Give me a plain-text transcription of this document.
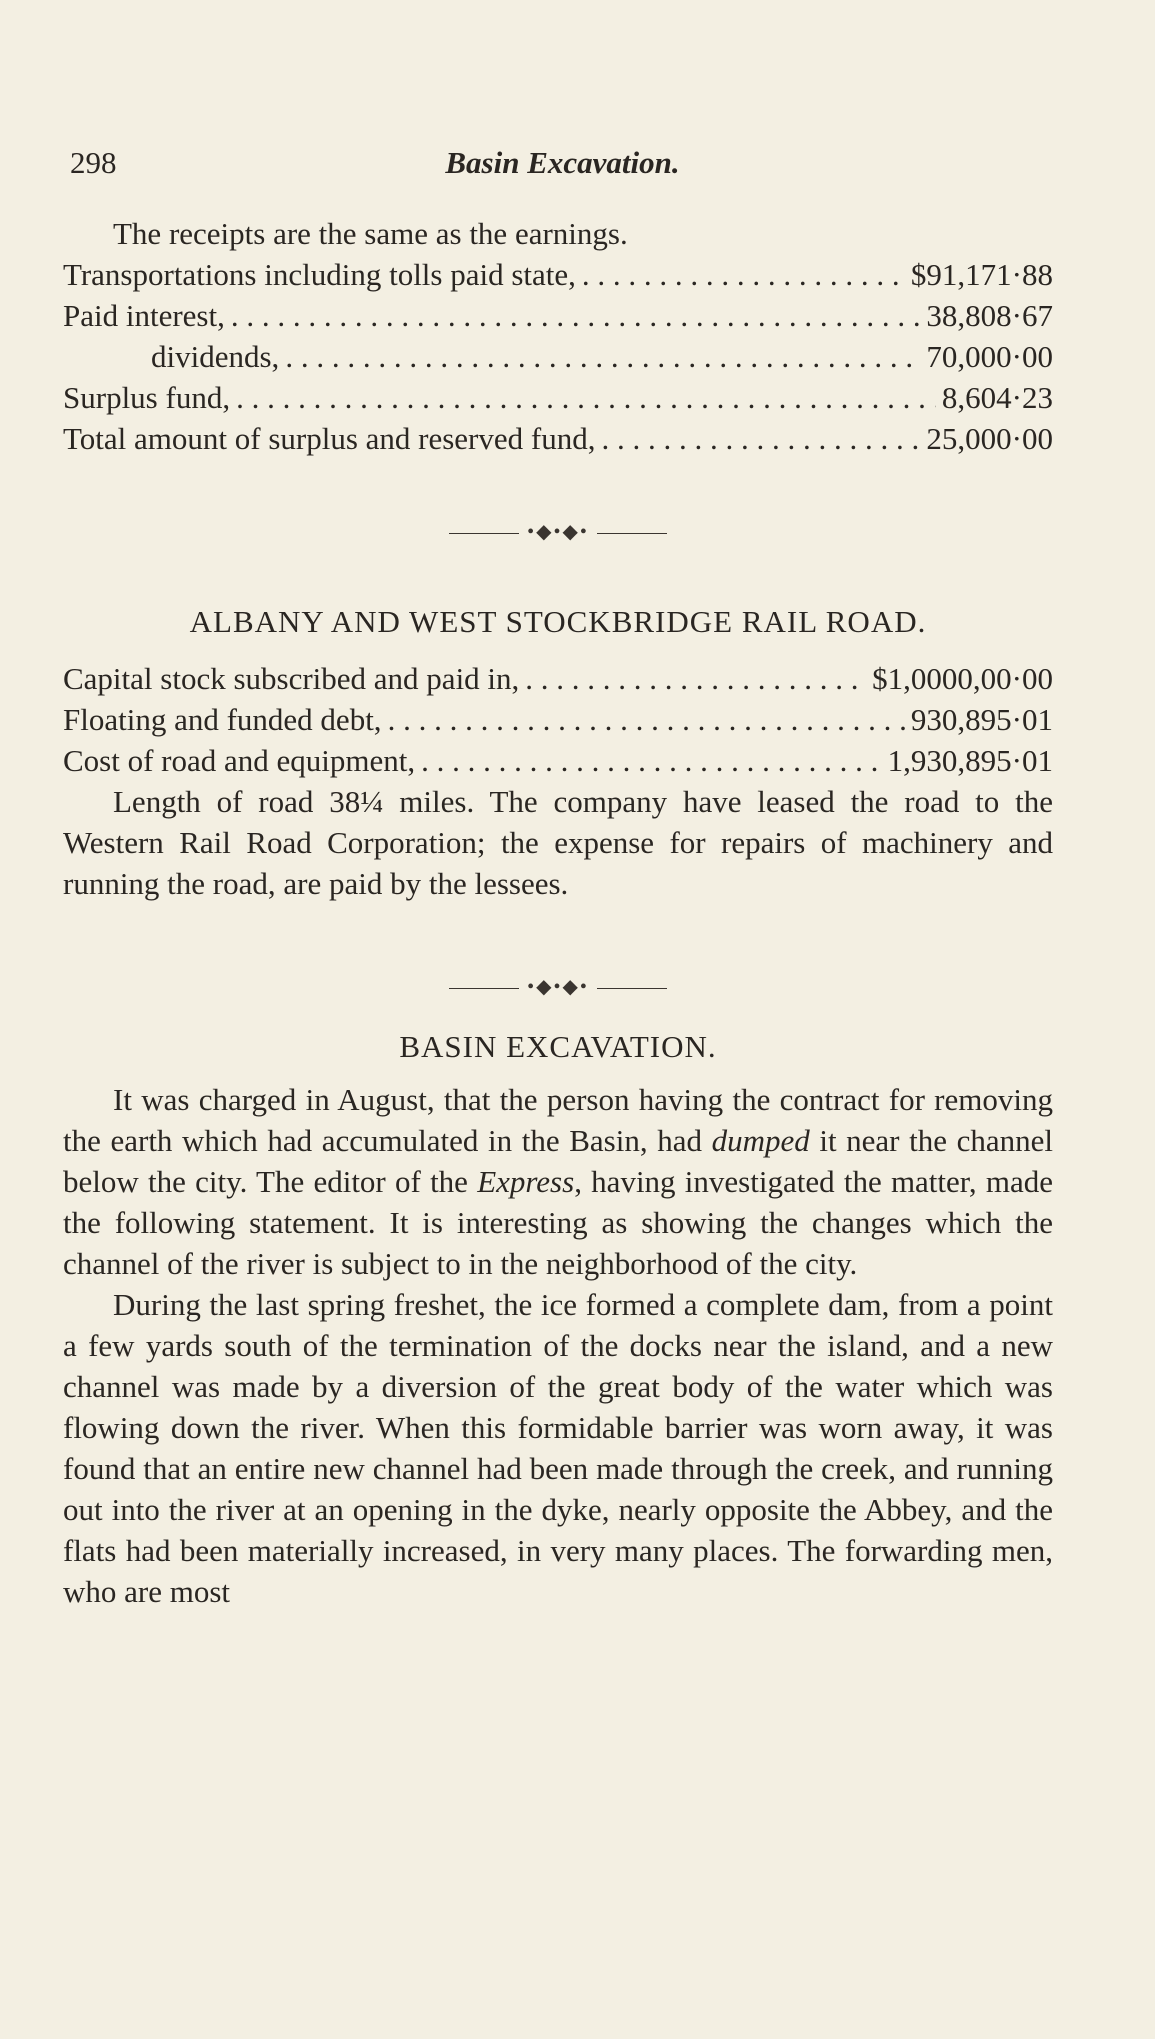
298	Basin Excavation.

The receipts are the same as the earnings.

Transportations including tolls paid state, . . .	$91,171·88
Paid interest, . . .	38,808·67
dividends, . . .	70,000·00
Surplus fund, . . .	8,604·23
Total amount of surplus and reserved fund, . . .	25,000·00
•◆•◆•
ALBANY AND WEST STOCKBRIDGE RAIL ROAD.
Capital stock subscribed and paid in, . . .	$1,0000,00·00
Floating and funded debt, . . .	930,895·01
Cost of road and equipment, . . .	1,930,895·01

Length of road 38¼ miles. The company have leased the road to the Western Rail Road Corporation; the expense for repairs of machinery and running the road, are paid by the lessees.

•◆•◆•
BASIN EXCAVATION.

It was charged in August, that the person having the contract for removing the earth which had accumulated in the Basin, had dumped it near the channel below the city. The editor of the Express, having investigated the matter, made the following statement. It is interesting as showing the changes which the channel of the river is subject to in the neighborhood of the city.

During the last spring freshet, the ice formed a complete dam, from a point a few yards south of the termination of the docks near the island, and a new channel was made by a diversion of the great body of the water which was flowing down the river. When this formidable barrier was worn away, it was found that an entire new channel had been made through the creek, and running out into the river at an opening in the dyke, nearly opposite the Abbey, and the flats had been materially increased, in very many places. The forwarding men, who are most
